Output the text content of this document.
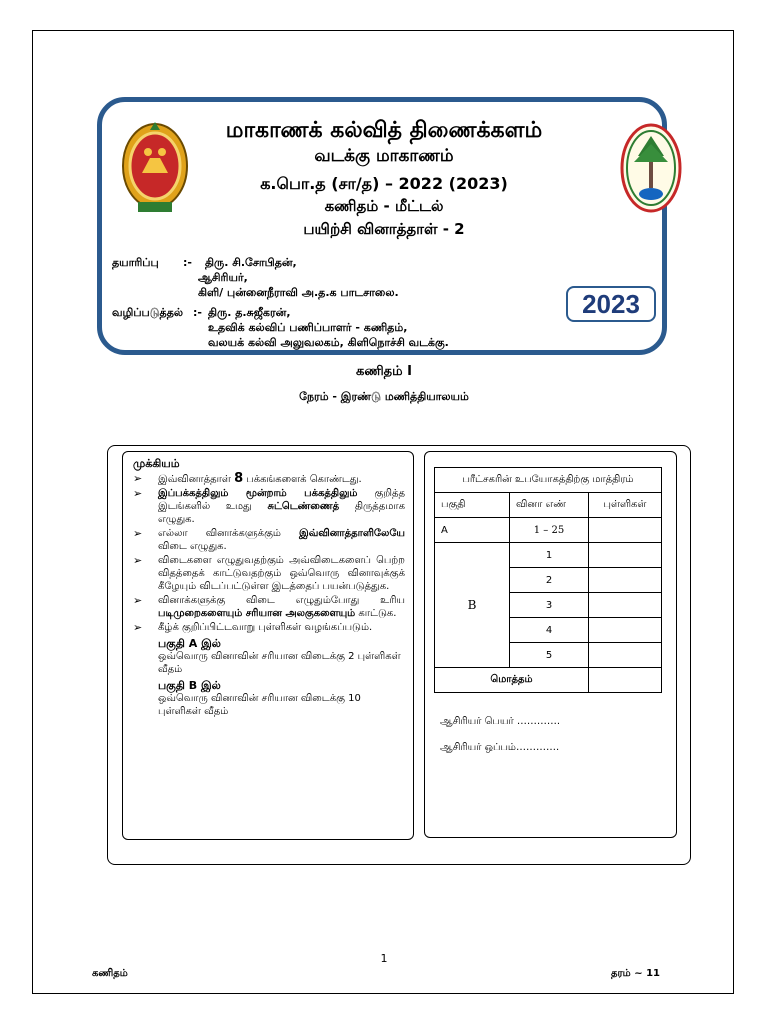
மாகாணக் கல்வித் திணைக்களம்
வடக்கு மாகாணம்
க.பொ.த (சா/த) – 2022 (2023)
கணிதம் - மீட்டல்
பயிற்சி வினாத்தாள் - 2
தயாரிப்பு :- திரு. சி.சோபிதன்,
ஆசிரியர்,
கிளி/ புன்னைநீராவி அ.த.க பாடசாலை.
வழிப்படுத்தல் :- திரு. த.சுஜீகரன்,
உதவிக் கல்விப் பணிப்பாளர் - கணிதம்,
வலயக் கல்வி அலுவலகம், கிளிநொச்சி வடக்கு.
2023
கணிதம் I
நேரம் - இரண்டு மணித்தியாலயம்
முக்கியம்
➢	இவ்வினாத்தாள் 8 பக்கங்களைக் கொண்டது.
➢	இப்பக்கத்திலும் மூன்றாம் பக்கத்திலும் குறித்த இடங்களில் உமது சுட்டெண்ணைத் திருத்தமாக எழுதுக.
➢	எல்லா வினாக்களுக்கும் இவ்வினாத்தாளிலேயே விடை எழுதுக.
➢	விடைகளை எழுதுவதற்கும் அவ்விடைகளைப் பெற்ற விதத்தைக் காட்டுவதற்கும் ஒவ்வொரு வினாவுக்குக் கீழேயும் விடப்பட்டுள்ள இடத்தைப் பயன்படுத்துக.
➢	வினாக்களுக்கு விடை எழுதும்போது உரிய படிமுறைகளையும் சரியான அலகுகளையும் காட்டுக.
➢	கீழ்க் குறிப்பிட்டவாறு புள்ளிகள் வழங்கப்படும்.
பகுதி A இல்
ஒவ்வொரு வினாவின் சரியான விடைக்கு 2 புள்ளிகள் வீதம்
பகுதி B இல்
ஒவ்வொரு வினாவின் சரியான விடைக்கு 10 புள்ளிகள் வீதம்
பரீட்சகரின் உபயோகத்திற்கு மாத்திரம்		
பகுதி	வினா எண்	புள்ளிகள்
A	1 – 25	
B	1	
	2	
	3	
	4	
	5	
மொத்தம்		
ஆசிரியர் பெயர் ………….
ஆசிரியர் ஒப்பம்………….
1
கணிதம்	தரம் ~ 11
